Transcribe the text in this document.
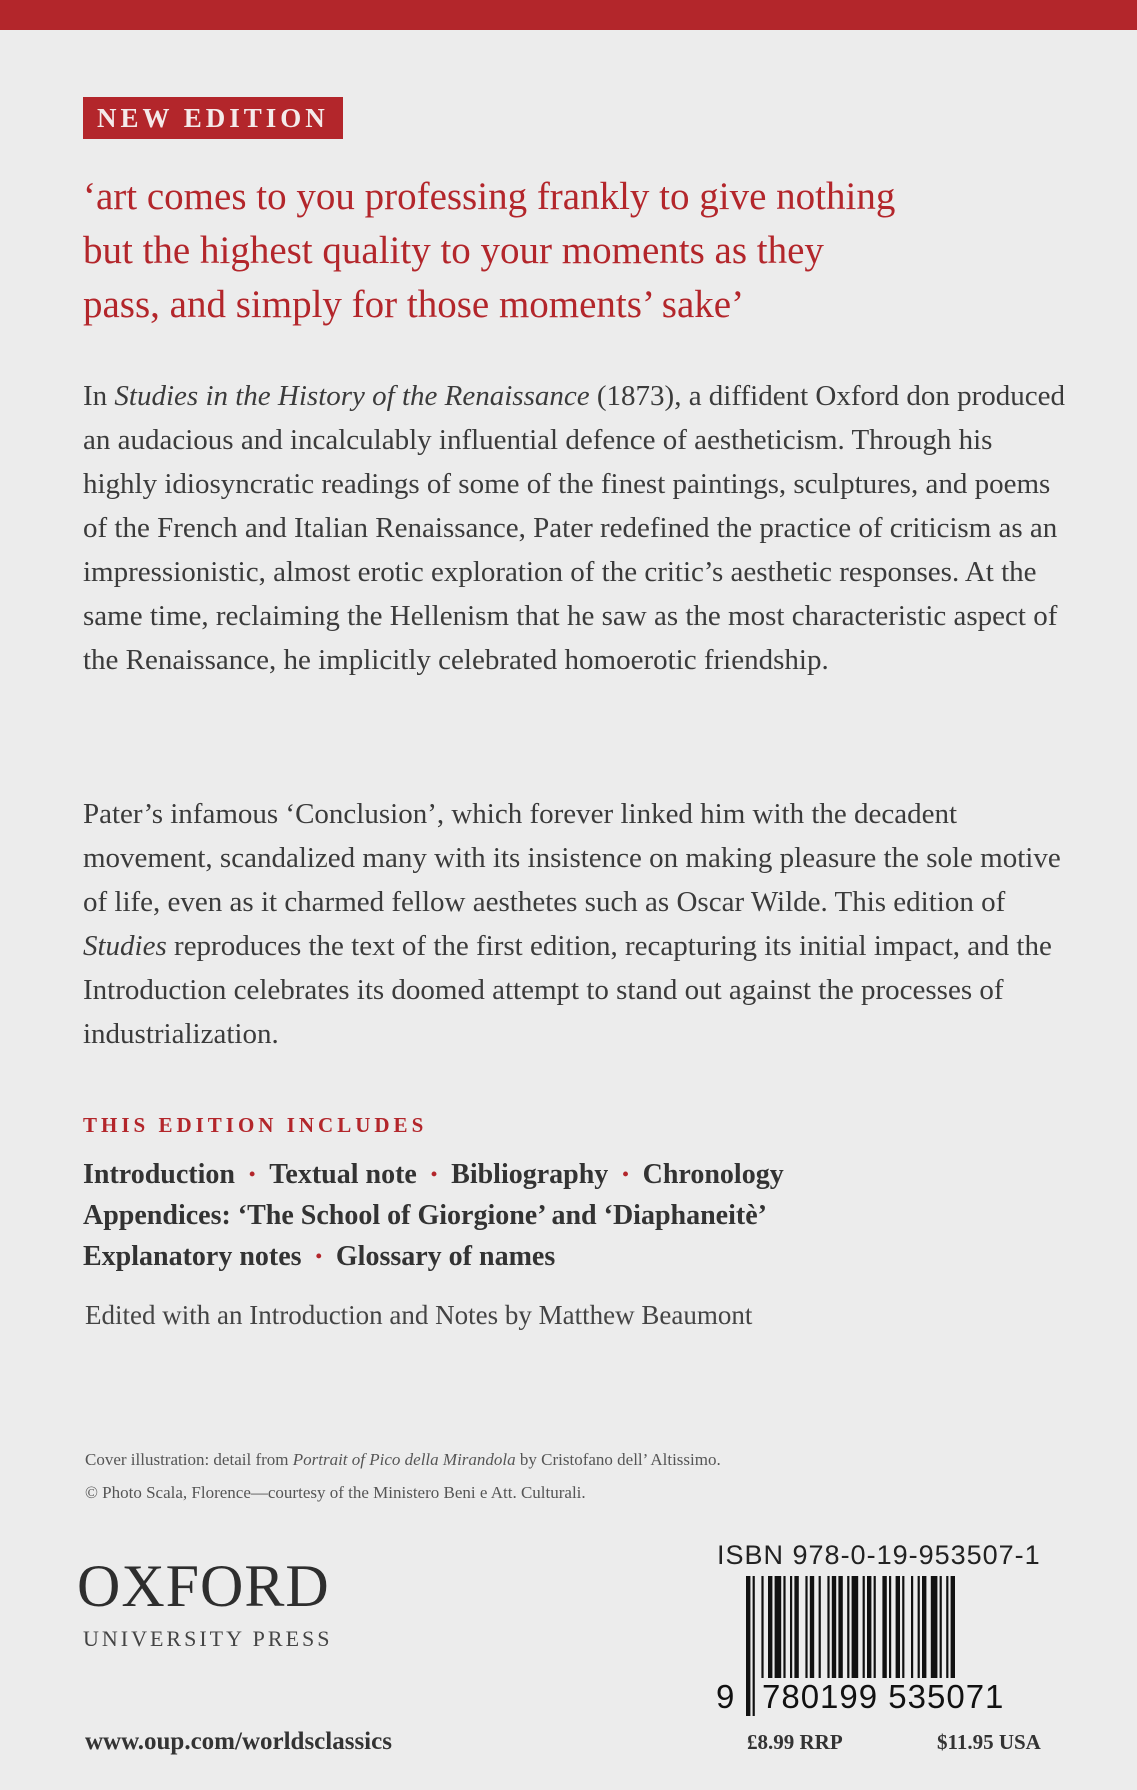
NEW EDITION
‘art comes to you professing frankly to give nothing
but the highest quality to your moments as they
pass, and simply for those moments’ sake’

In Studies in the History of the Renaissance (1873), a diffident Oxford don produced an audacious and incalculably influential defence of aestheticism. Through his highly idiosyncratic readings of some of the finest paintings, sculptures, and poems of the French and Italian Renaissance, Pater redefined the practice of criticism as an impressionistic, almost erotic exploration of the critic’s aesthetic responses. At the same time, reclaiming the Hellenism that he saw as the most characteristic aspect of the Renaissance, he implicitly celebrated homoerotic friendship.

Pater’s infamous ‘Conclusion’, which forever linked him with the decadent movement, scandalized many with its insistence on making pleasure the sole motive of life, even as it charmed fellow aesthetes such as Oscar Wilde. This edition of Studies reproduces the text of the first edition, recapturing its initial impact, and the Introduction celebrates its doomed attempt to stand out against the processes of industrialization.

THIS EDITION INCLUDES
Introduction • Textual note • Bibliography • Chronology
Appendices: ‘The School of Giorgione’ and ‘Diaphaneitè’
Explanatory notes • Glossary of names
Edited with an Introduction and Notes by Matthew Beaumont
Cover illustration: detail from Portrait of Pico della Mirandola by Cristofano dell’ Altissimo.
© Photo Scala, Florence—courtesy of the Ministero Beni e Att. Culturali.
OXFORD
UNIVERSITY PRESS
www.oup.com/worldsclassics
ISBN 978-0-19-953507-1
9 780199 535071
£8.99 RRP	$11.95 USA
